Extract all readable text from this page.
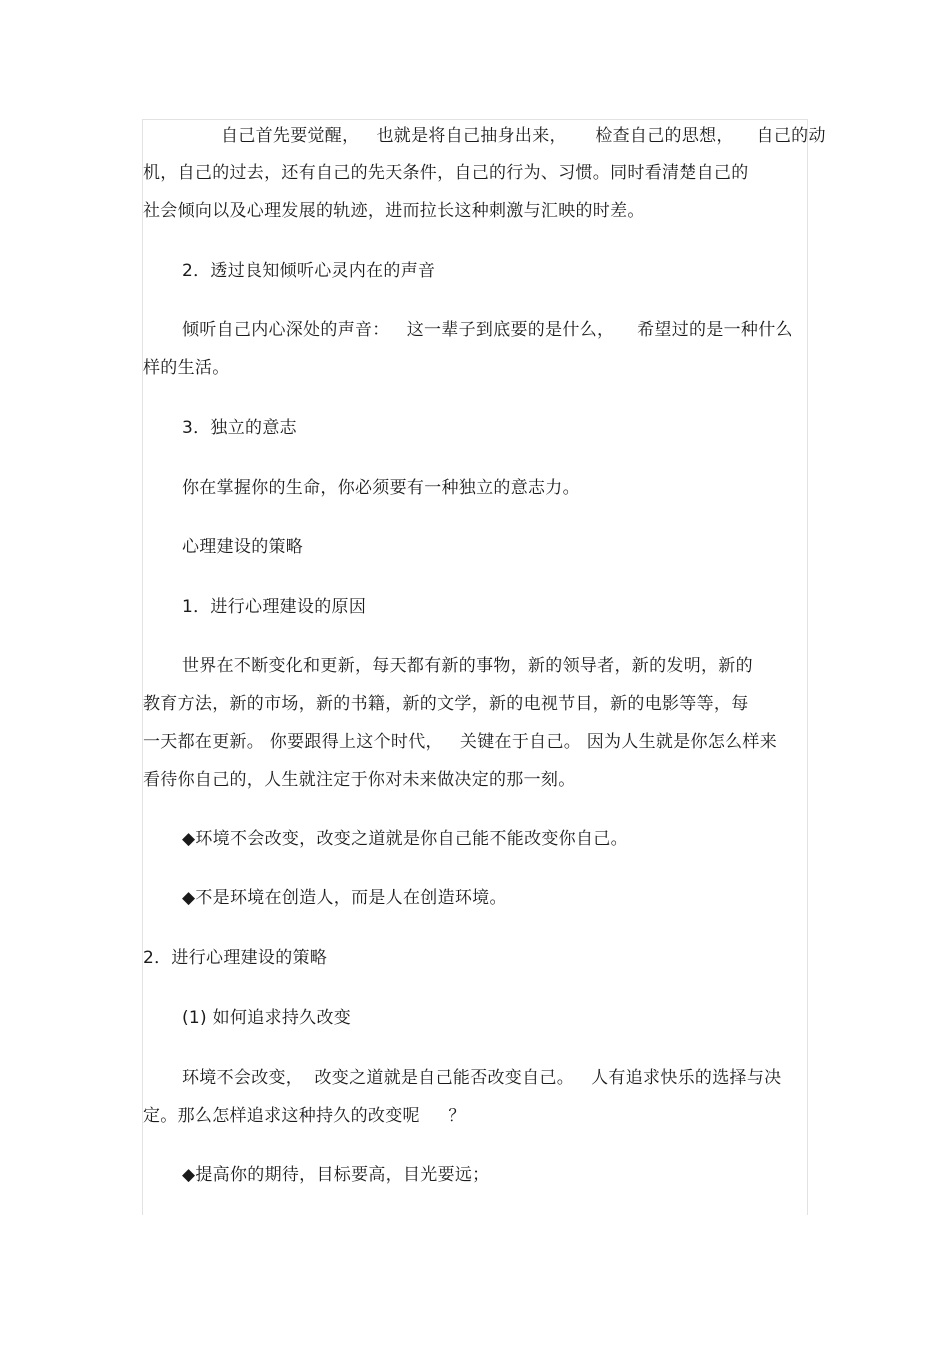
自己首先要觉醒，   也就是将自己抽身出来，     检查自己的思想，    自己的动
机，自己的过去，还有自己的先天条件，自己的行为、习惯。同时看清楚自己的
社会倾向以及心理发展的轨迹，进而拉长这种刺激与汇映的时差。
2．透过良知倾听心灵内在的声音
倾听自己内心深处的声音：   这一辈子到底要的是什么，    希望过的是一种什么
样的生活。
3．独立的意志
你在掌握你的生命，你必须要有一种独立的意志力。
心理建设的策略
1．进行心理建设的原因
世界在不断变化和更新，每天都有新的事物，新的领导者，新的发明，新的
教育方法，新的市场，新的书籍，新的文学，新的电视节目，新的电影等等，每
一天都在更新。 你要跟得上这个时代，   关键在于自己。 因为人生就是你怎么样来
看待你自己的，人生就注定于你对未来做决定的那一刻。
◆环境不会改变，改变之道就是你自己能不能改变你自己。
◆不是环境在创造人，而是人在创造环境。
2．进行心理建设的策略
(1) 如何追求持久改变
环境不会改变，  改变之道就是自己能否改变自己。   人有追求快乐的选择与决
定。那么怎样追求这种持久的改变呢     ？
◆提高你的期待，目标要高，目光要远；
